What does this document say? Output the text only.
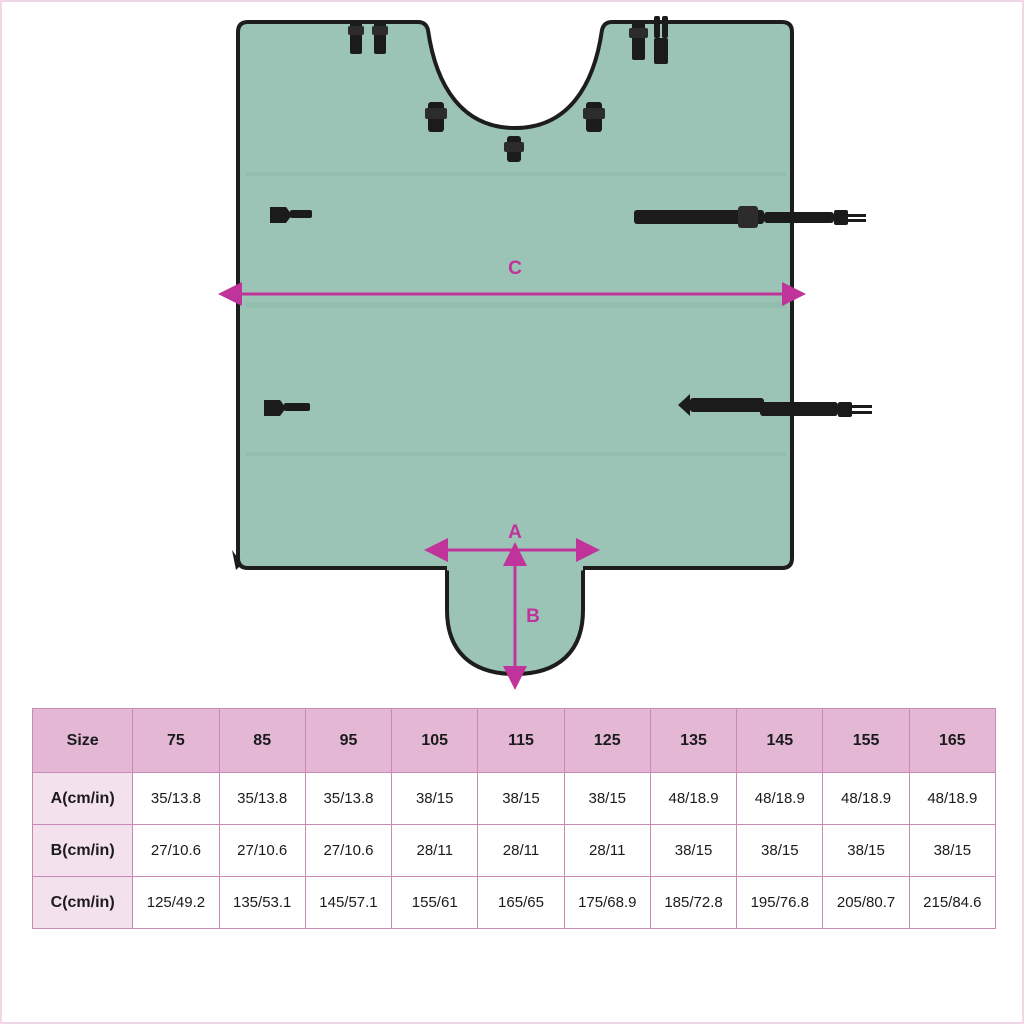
C
A
B
Size	75	85	95	105	115	125	135	145	155	165
A(cm/in)	35/13.8	35/13.8	35/13.8	38/15	38/15	38/15	48/18.9	48/18.9	48/18.9	48/18.9
B(cm/in)	27/10.6	27/10.6	27/10.6	28/11	28/11	28/11	38/15	38/15	38/15	38/15
C(cm/in)	125/49.2	135/53.1	145/57.1	155/61	165/65	175/68.9	185/72.8	195/76.8	205/80.7	215/84.6
